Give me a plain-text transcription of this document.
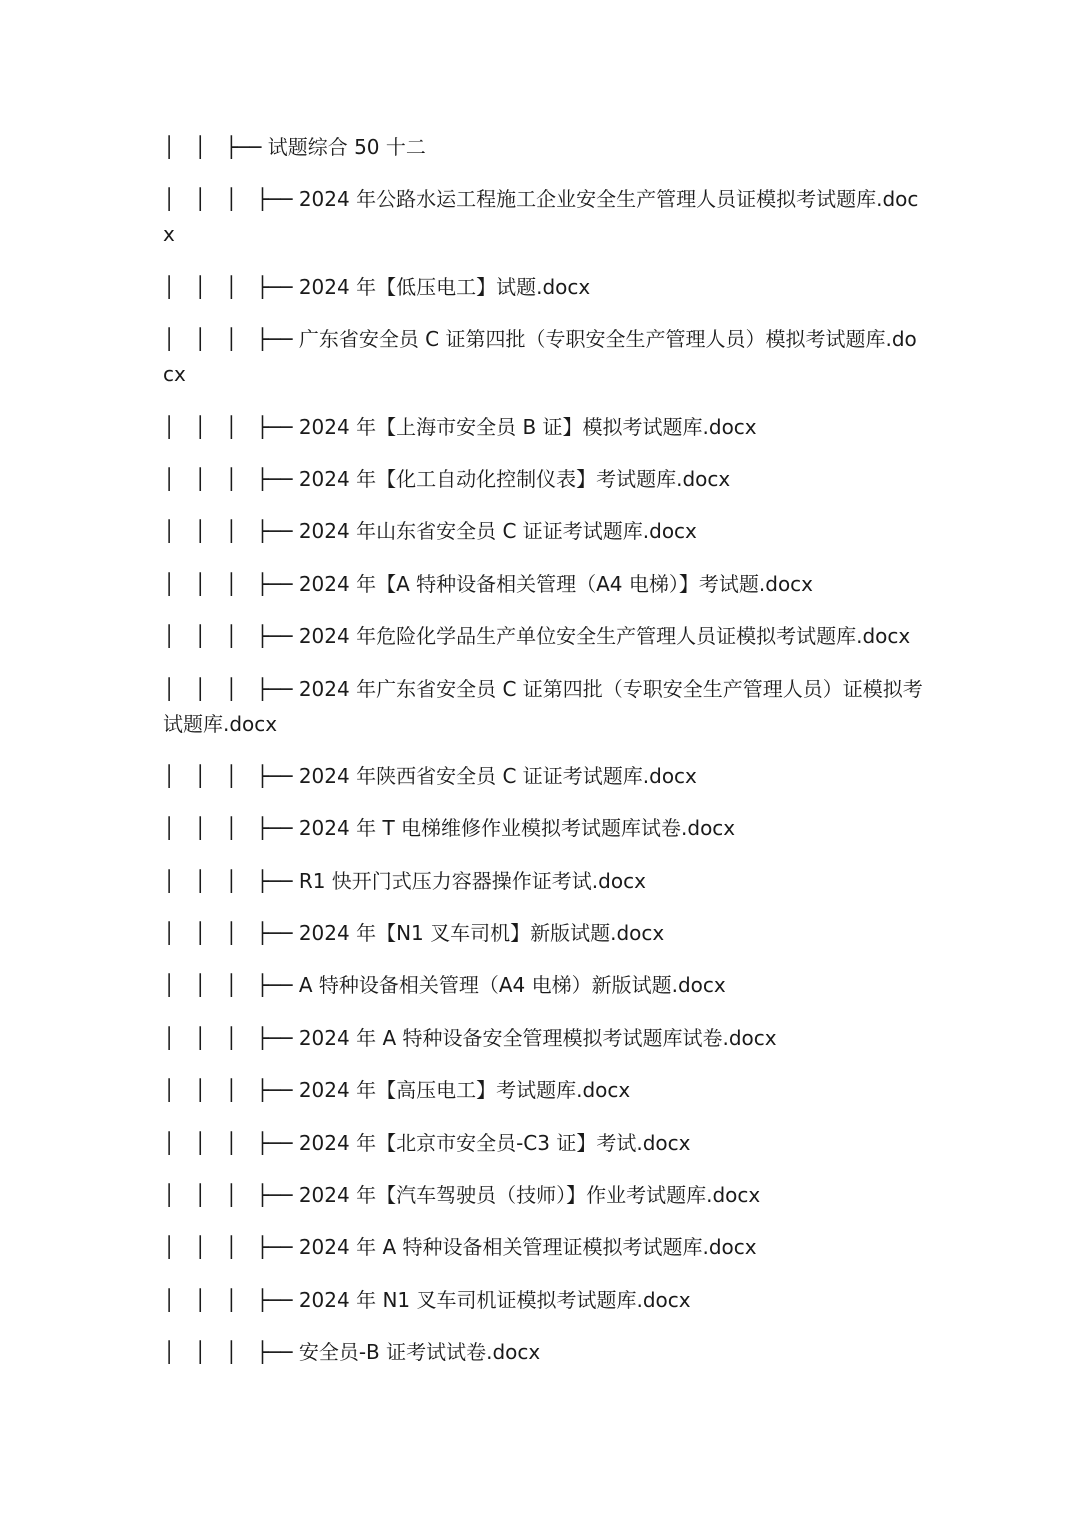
│   │   ├── 试题综合 50 十二
│   │   │   ├── 2024 年公路水运工程施工企业安全生产管理人员证模拟考试题库.docx
│   │   │   ├── 2024 年【低压电工】试题.docx
│   │   │   ├── 广东省安全员 C 证第四批（专职安全生产管理人员）模拟考试题库.docx
│   │   │   ├── 2024 年【上海市安全员 B 证】模拟考试题库.docx
│   │   │   ├── 2024 年【化工自动化控制仪表】考试题库.docx
│   │   │   ├── 2024 年山东省安全员 C 证证考试题库.docx
│   │   │   ├── 2024 年【A 特种设备相关管理（A4 电梯）】考试题.docx
│   │   │   ├── 2024 年危险化学品生产单位安全生产管理人员证模拟考试题库.docx
│   │   │   ├── 2024 年广东省安全员 C 证第四批（专职安全生产管理人员）证模拟考试题库.docx
│   │   │   ├── 2024 年陕西省安全员 C 证证考试题库.docx
│   │   │   ├── 2024 年 T 电梯维修作业模拟考试题库试卷.docx
│   │   │   ├── R1 快开门式压力容器操作证考试.docx
│   │   │   ├── 2024 年【N1 叉车司机】新版试题.docx
│   │   │   ├── A 特种设备相关管理（A4 电梯）新版试题.docx
│   │   │   ├── 2024 年 A 特种设备安全管理模拟考试题库试卷.docx
│   │   │   ├── 2024 年【高压电工】考试题库.docx
│   │   │   ├── 2024 年【北京市安全员-C3 证】考试.docx
│   │   │   ├── 2024 年【汽车驾驶员（技师）】作业考试题库.docx
│   │   │   ├── 2024 年 A 特种设备相关管理证模拟考试题库.docx
│   │   │   ├── 2024 年 N1 叉车司机证模拟考试题库.docx
│   │   │   ├── 安全员-B 证考试试卷.docx
